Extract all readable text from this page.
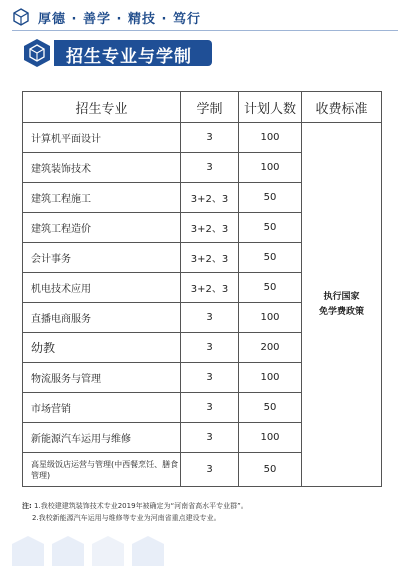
厚德 · 善学 · 精技 · 笃行
招生专业与学制
招生专业	学制	计划人数	收费标准
计算机平面设计	3	100	执行国家
免学费政策
建筑装饰技术	3	100	
建筑工程施工	3+2、3	50	
建筑工程造价	3+2、3	50	
会计事务	3+2、3	50	
机电技术应用	3+2、3	50	
直播电商服务	3	100	
幼教	3	200	
物流服务与管理	3	100	
市场营销	3	50	
新能源汽车运用与维修	3	100	
高星级饭店运营与管理(中西餐烹饪、膳食管理)	3	50	
注: 1.我校建建筑装饰技术专业2019年被确定为“河南省高水平专业群”。
2.我校新能源汽车运用与维修等专业为河南省重点建设专业。
